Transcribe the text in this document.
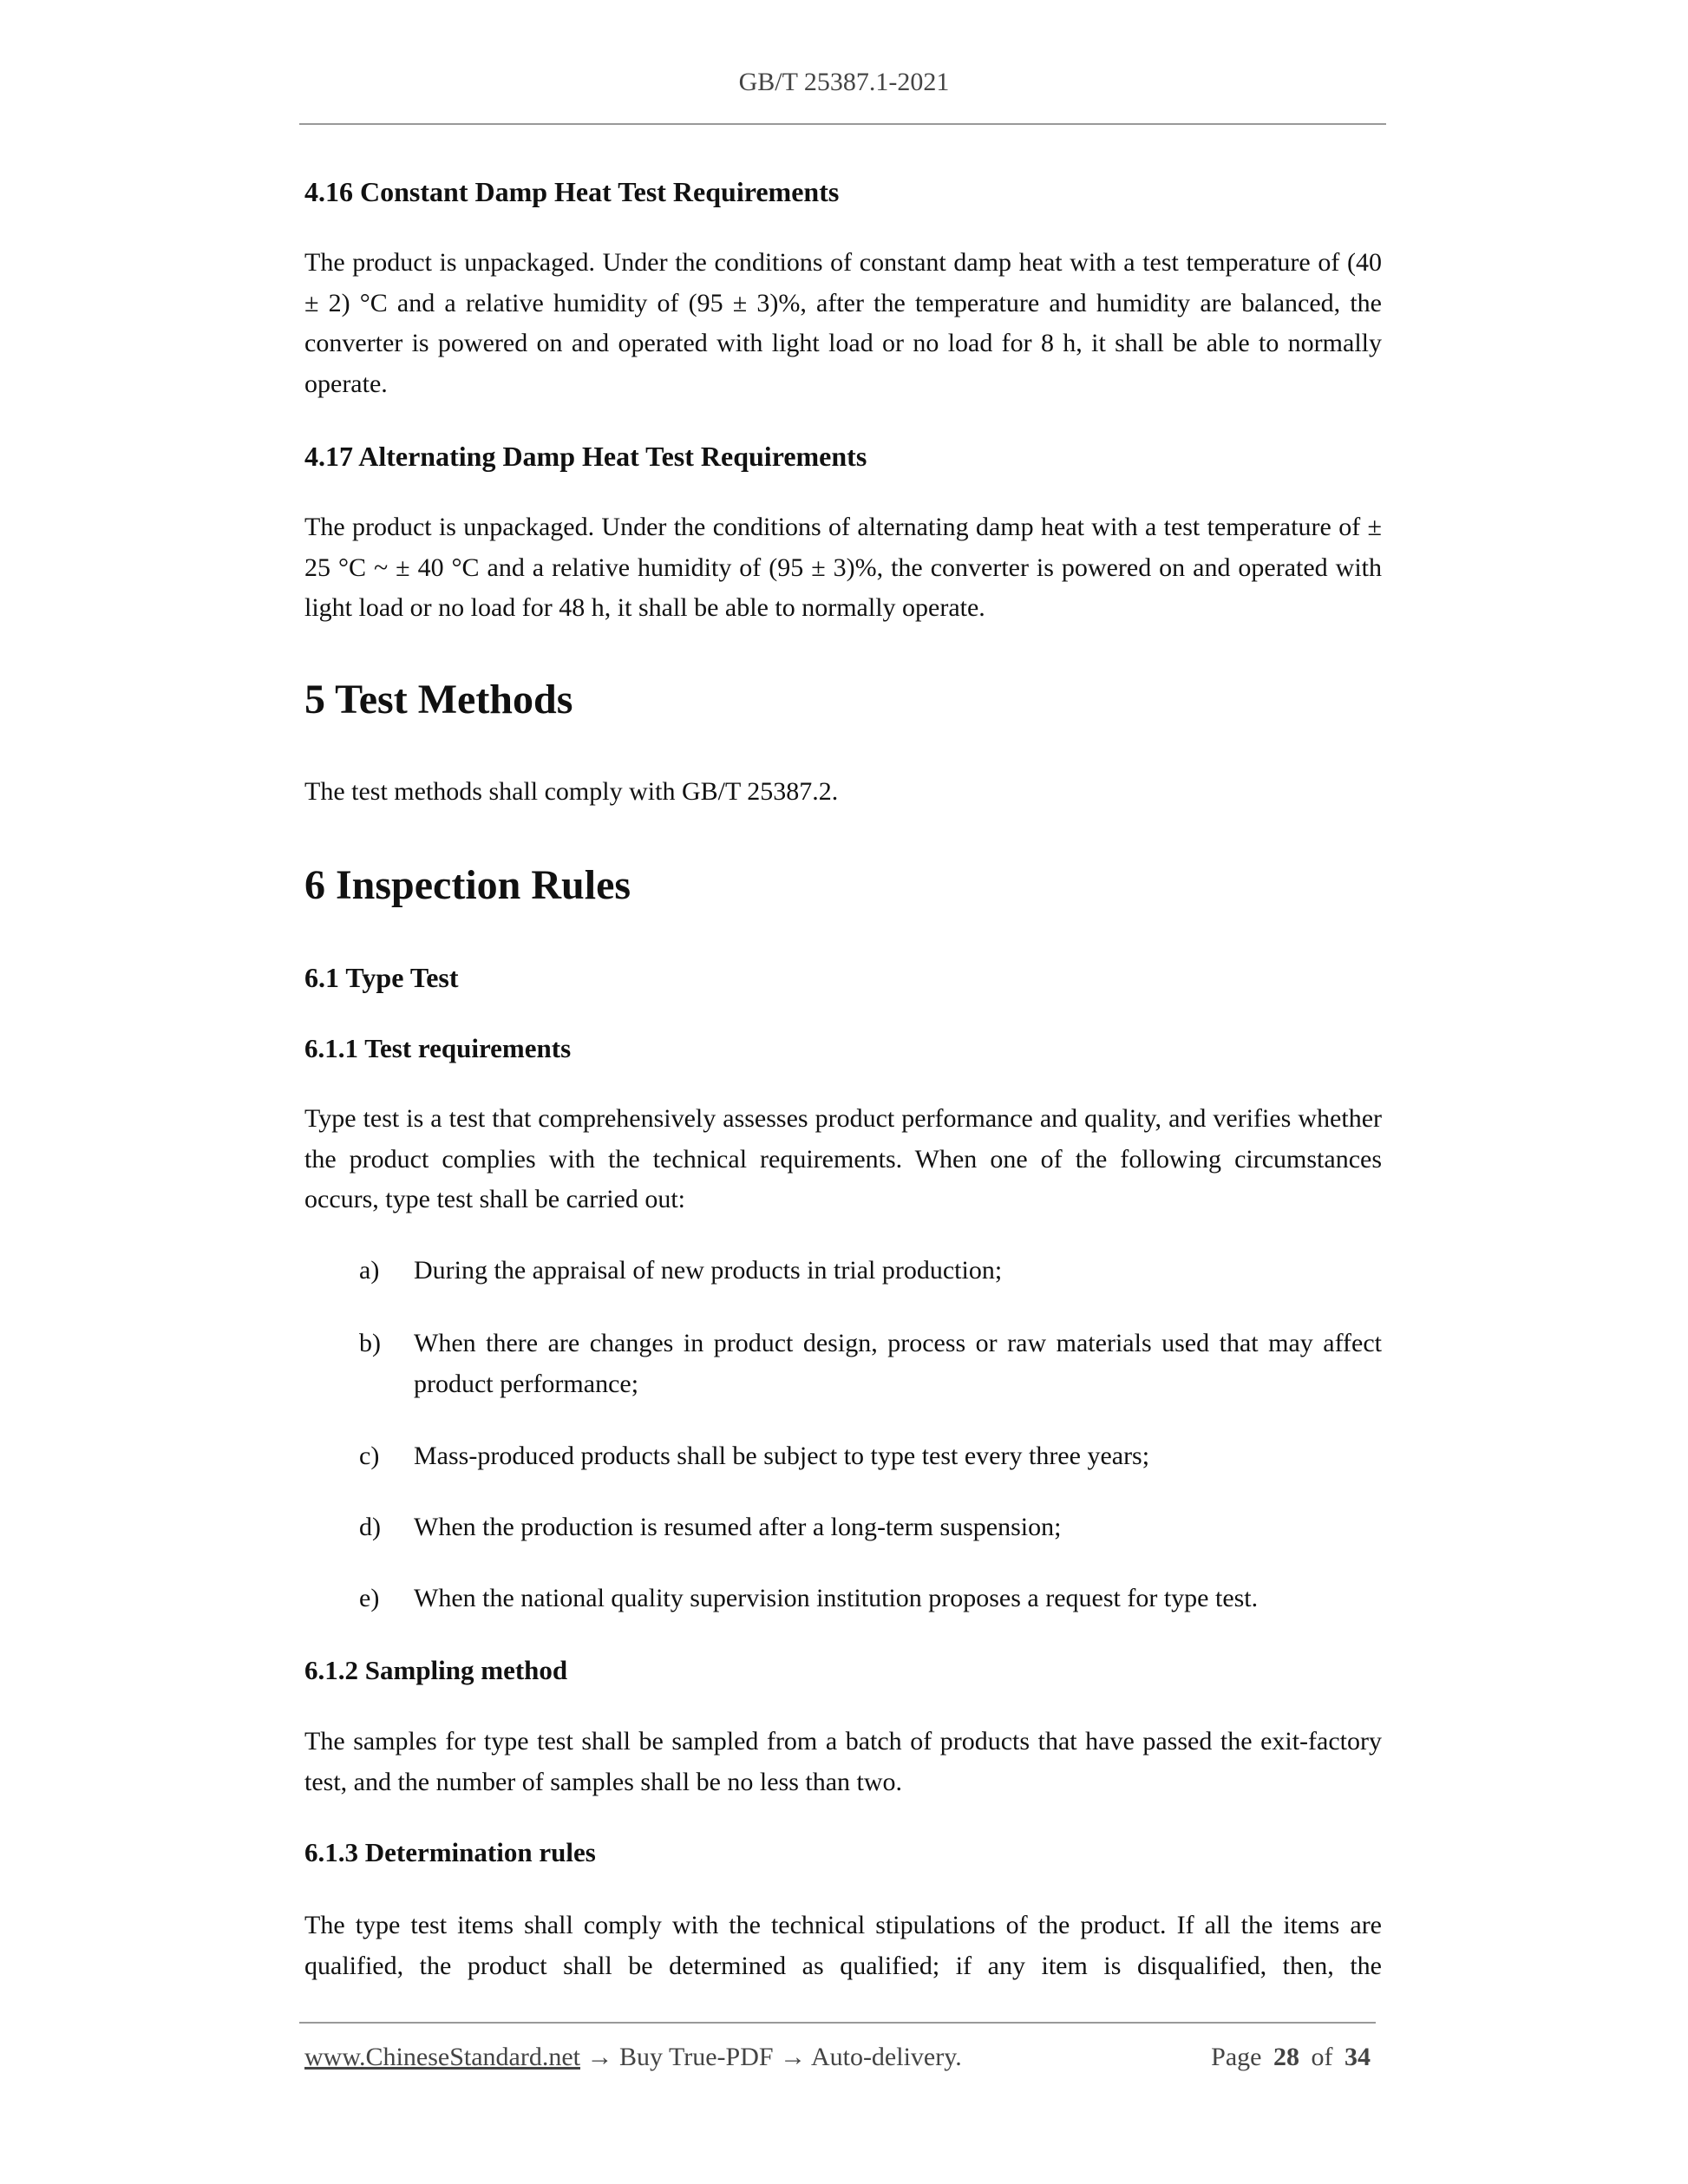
GB/T 25387.1-2021
4.16 Constant Damp Heat Test Requirements

The product is unpackaged. Under the conditions of constant damp heat with a test temperature of (40 ± 2) °C and a relative humidity of (95 ± 3)%, after the temperature and humidity are balanced, the converter is powered on and operated with light load or no load for 8 h, it shall be able to normally operate.

4.17 Alternating Damp Heat Test Requirements

The product is unpackaged. Under the conditions of alternating damp heat with a test temperature of ± 25 °C ~ ± 40 °C and a relative humidity of (95 ± 3)%, the converter is powered on and operated with light load or no load for 48 h, it shall be able to normally operate.

5 Test Methods

The test methods shall comply with GB/T 25387.2.

6 Inspection Rules
6.1 Type Test
6.1.1 Test requirements

Type test is a test that comprehensively assesses product performance and quality, and verifies whether the product complies with the technical requirements. When one of the following circumstances occurs, type test shall be carried out:

a)	During the appraisal of new products in trial production;
b)	When there are changes in product design, process or raw materials used that may affect product performance;
c)	Mass-produced products shall be subject to type test every three years;
d)	When the production is resumed after a long-term suspension;
e)	When the national quality supervision institution proposes a request for type test.
6.1.2 Sampling method

The samples for type test shall be sampled from a batch of products that have passed the exit-factory test, and the number of samples shall be no less than two.

6.1.3 Determination rules

The type test items shall comply with the technical stipulations of the product. If all the items are qualified, the product shall be determined as qualified; if any item is disqualified, then, the

www.ChineseStandard.net → Buy True-PDF → Auto-delivery.	Page 28 of 34
